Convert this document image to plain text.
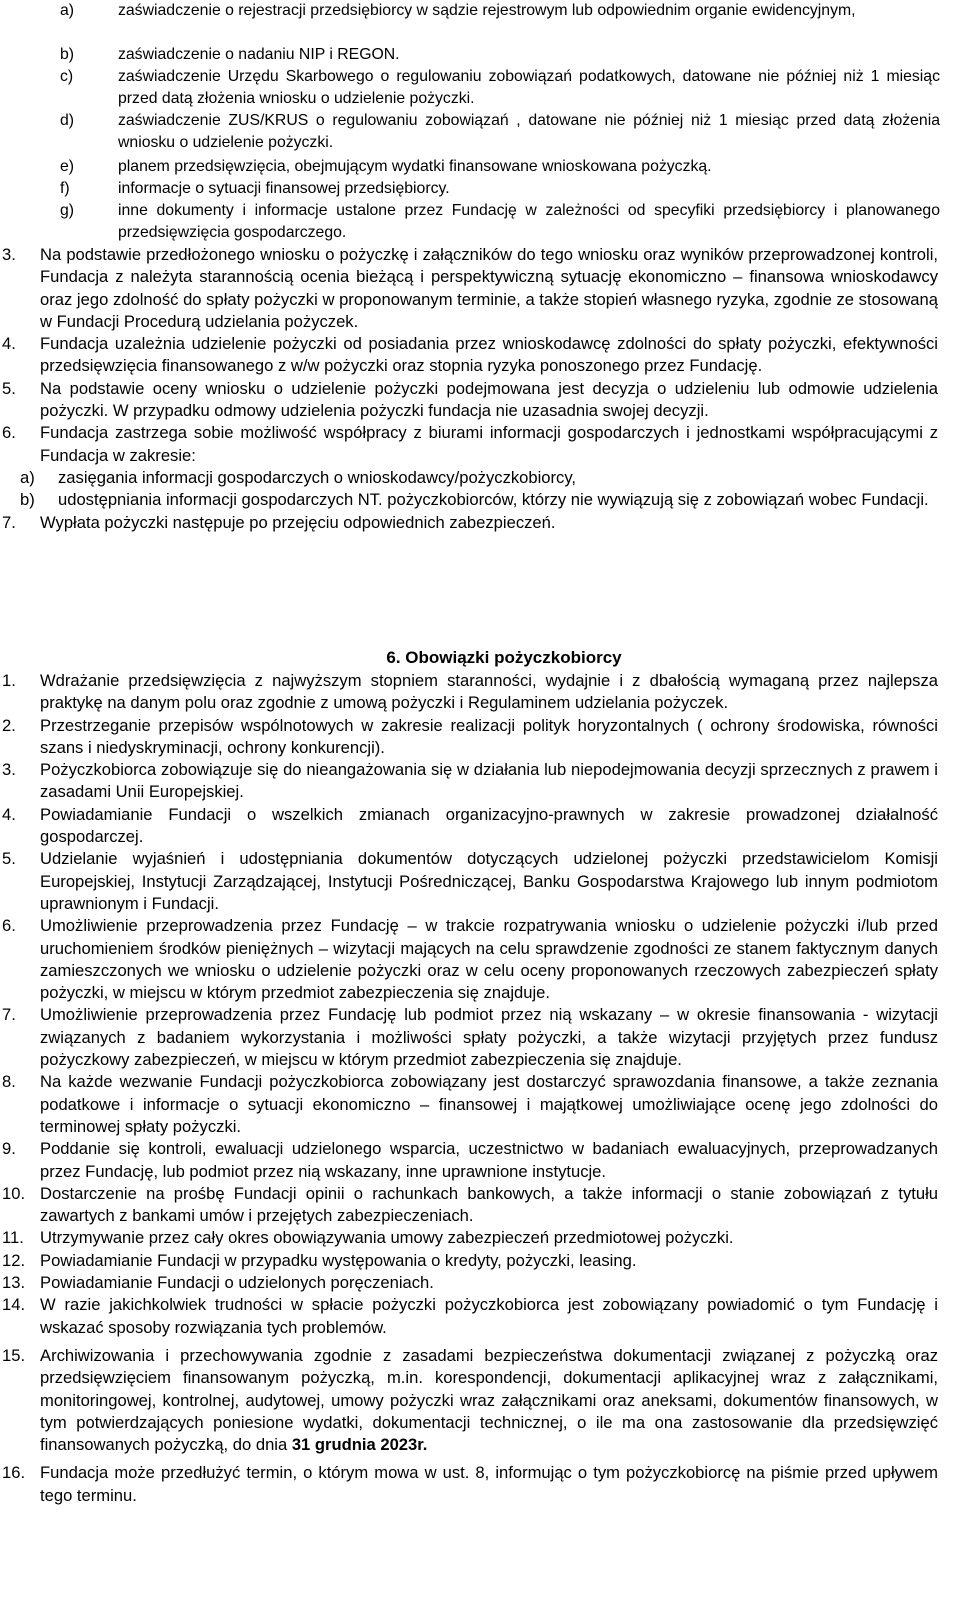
a)	zaświadczenie o rejestracji przedsiębiorcy w sądzie rejestrowym lub odpowiednim organie ewidencyjnym,

b)	zaświadczenie o nadaniu NIP i REGON.

c)	zaświadczenie Urzędu Skarbowego o regulowaniu zobowiązań podatkowych, datowane nie później niż 1 miesiąc przed datą złożenia wniosku o udzielenie pożyczki.

d)	zaświadczenie ZUS/KRUS o regulowaniu zobowiązań , datowane nie później niż 1 miesiąc przed datą złożenia wniosku o udzielenie pożyczki.

e)	planem przedsięwzięcia, obejmującym wydatki finansowane wnioskowana pożyczką.

f)	informacje o sytuacji finansowej przedsiębiorcy.

g)	inne dokumenty i informacje ustalone przez Fundację w zależności od specyfiki przedsiębiorcy i planowanego przedsięwzięcia gospodarczego.

3. Na podstawie przedłożonego wniosku o pożyczkę i załączników do tego wniosku oraz wyników przeprowadzonej kontroli, Fundacja z należyta starannością ocenia bieżącą i perspektywiczną sytuację ekonomiczno – finansowa wnioskodawcy oraz jego zdolność do spłaty pożyczki w proponowanym terminie, a także stopień własnego ryzyka, zgodnie ze stosowaną w Fundacji Procedurą udzielania pożyczek.

4. Fundacja uzależnia udzielenie pożyczki od posiadania przez wnioskodawcę zdolności do spłaty pożyczki, efektywności przedsięwzięcia finansowanego z w/w pożyczki oraz stopnia ryzyka ponoszonego przez Fundację.

5. Na podstawie oceny wniosku o udzielenie pożyczki podejmowana jest decyzja o udzieleniu lub odmowie udzielenia pożyczki. W przypadku odmowy udzielenia pożyczki fundacja nie uzasadnia swojej decyzji.

6. Fundacja zastrzega sobie możliwość współpracy z biurami informacji gospodarczych i jednostkami współpracującymi z Fundacja w zakresie:

a) zasięgania informacji gospodarczych o wnioskodawcy/pożyczkobiorcy,

b) udostępniania informacji gospodarczych NT. pożyczkobiorców, którzy nie wywiązują się z zobowiązań wobec Fundacji.

7. Wypłata pożyczki następuje po przejęciu odpowiednich zabezpieczeń.

6. Obowiązki pożyczkobiorcy

1. Wdrażanie przedsięwzięcia z najwyższym stopniem staranności, wydajnie i z dbałością wymaganą przez najlepsza praktykę na danym polu oraz zgodnie z umową pożyczki i Regulaminem udzielania pożyczek.

2. Przestrzeganie przepisów wspólnotowych w zakresie realizacji polityk horyzontalnych ( ochrony środowiska, równości szans i niedyskryminacji, ochrony konkurencji).

3. Pożyczkobiorca zobowiązuje się do nieangażowania się w działania lub niepodejmowania decyzji sprzecznych z prawem i zasadami Unii Europejskiej.

4. Powiadamianie Fundacji o wszelkich zmianach organizacyjno-prawnych w zakresie prowadzonej działalność gospodarczej.

5. Udzielanie wyjaśnień i udostępniania dokumentów dotyczących udzielonej pożyczki przedstawicielom Komisji Europejskiej, Instytucji Zarządzającej, Instytucji Pośredniczącej, Banku Gospodarstwa Krajowego lub innym podmiotom uprawnionym i Fundacji.

6. Umożliwienie przeprowadzenia przez Fundację – w trakcie rozpatrywania wniosku o udzielenie pożyczki i/lub przed uruchomieniem środków pieniężnych – wizytacji mających na celu sprawdzenie zgodności ze stanem faktycznym danych zamieszczonych we wniosku o udzielenie pożyczki oraz w celu oceny proponowanych rzeczowych zabezpieczeń spłaty pożyczki, w miejscu w którym przedmiot zabezpieczenia się znajduje.

7. Umożliwienie przeprowadzenia przez Fundację lub podmiot przez nią wskazany – w okresie finansowania - wizytacji związanych z badaniem wykorzystania i możliwości spłaty pożyczki, a także wizytacji przyjętych przez fundusz pożyczkowy zabezpieczeń, w miejscu w którym przedmiot zabezpieczenia się znajduje.

8. Na każde wezwanie Fundacji pożyczkobiorca zobowiązany jest dostarczyć sprawozdania finansowe, a także zeznania podatkowe i informacje o sytuacji ekonomiczno – finansowej i majątkowej umożliwiające ocenę jego zdolności do terminowej spłaty pożyczki.

9. Poddanie się kontroli, ewaluacji udzielonego wsparcia, uczestnictwo w badaniach ewaluacyjnych, przeprowadzanych przez Fundację, lub podmiot przez nią wskazany, inne uprawnione instytucje.

10. Dostarczenie na prośbę Fundacji opinii o rachunkach bankowych, a także informacji o stanie zobowiązań z tytułu zawartych z bankami umów i przejętych zabezpieczeniach.

11. Utrzymywanie przez cały okres obowiązywania umowy zabezpieczeń przedmiotowej pożyczki.

12. Powiadamianie Fundacji w przypadku występowania o kredyty, pożyczki, leasing.

13. Powiadamianie Fundacji o udzielonych poręczeniach.

14. W razie jakichkolwiek trudności w spłacie pożyczki pożyczkobiorca jest zobowiązany powiadomić o tym Fundację i wskazać sposoby rozwiązania tych problemów.

15. Archiwizowania i przechowywania zgodnie z zasadami bezpieczeństwa dokumentacji związanej z pożyczką oraz przedsięwzięciem finansowanym pożyczką, m.in. korespondencji, dokumentacji aplikacyjnej wraz z załącznikami, monitoringowej, kontrolnej, audytowej, umowy pożyczki wraz załącznikami oraz aneksami, dokumentów finansowych, w tym potwierdzających poniesione wydatki, dokumentacji technicznej, o ile ma ona zastosowanie dla przedsięwzięć finansowanych pożyczką, do dnia 31 grudnia 2023r.

16. Fundacja może przedłużyć termin, o którym mowa w ust. 8, informując o tym pożyczkobiorcę na piśmie przed upływem tego terminu.
